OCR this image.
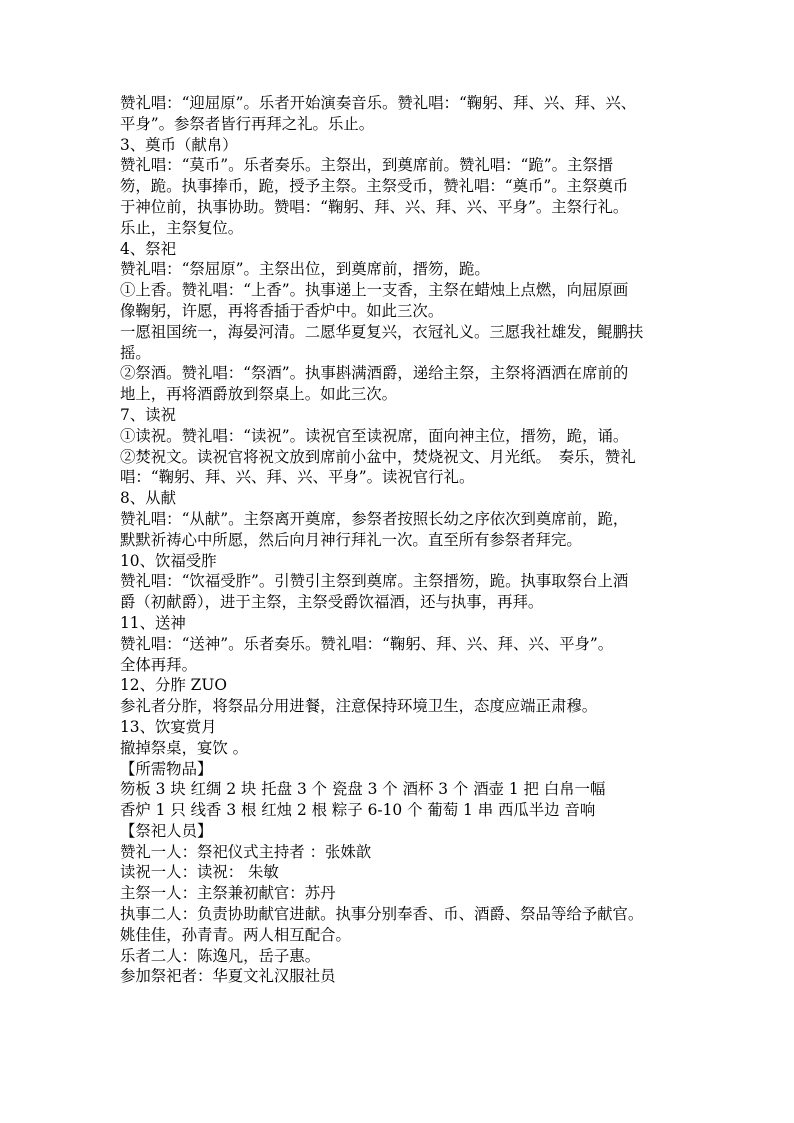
赞礼唱：“迎屈原”。乐者开始演奏音乐。赞礼唱：“鞠躬、拜、兴、拜、兴、
平身”。参祭者皆行再拜之礼。乐止。
3、奠币（献帛）
赞礼唱：“莫币”。乐者奏乐。主祭出，到奠席前。赞礼唱：“跪”。主祭搢
笏，跪。执事捧币，跪，授予主祭。主祭受币，赞礼唱：“奠币”。主祭奠币
于神位前，执事协助。赞唱：“鞠躬、拜、兴、拜、兴、平身”。主祭行礼。
乐止，主祭复位。
4、祭祀
赞礼唱：“祭屈原”。主祭出位，到奠席前，搢笏，跪。
①上香。赞礼唱：“上香”。执事递上一支香，主祭在蜡烛上点燃，向屈原画
像鞠躬，许愿，再将香插于香炉中。如此三次。
一愿祖国统一，海晏河清。二愿华夏复兴，衣冠礼义。三愿我社雄发，鲲鹏扶
摇。
②祭酒。赞礼唱：“祭酒”。执事斟满酒爵，递给主祭，主祭将酒洒在席前的
地上，再将酒爵放到祭桌上。如此三次。
7、读祝
①读祝。赞礼唱：“读祝”。读祝官至读祝席，面向神主位，搢笏，跪，诵。
②焚祝文。读祝官将祝文放到席前小盆中，焚烧祝文、月光纸。　奏乐，赞礼
唱：“鞠躬、拜、兴、拜、兴、平身”。读祝官行礼。
8、从献
赞礼唱：“从献”。主祭离开奠席，参祭者按照长幼之序依次到奠席前，跪，
默默祈祷心中所愿，然后向月神行拜礼一次。直至所有参祭者拜完。
10、饮福受胙
赞礼唱：“饮福受胙”。引赞引主祭到奠席。主祭搢笏，跪。执事取祭台上酒
爵（初献爵），进于主祭，主祭受爵饮福酒，还与执事，再拜。
11、送神
赞礼唱：“送神”。乐者奏乐。赞礼唱：“鞠躬、拜、兴、拜、兴、平身”。
全体再拜。
12、分胙 ZUO
参礼者分胙，将祭品分用进餐，注意保持环境卫生，态度应端正肃穆。
13、饮宴赏月
撤掉祭桌，宴饮 。
【所需物品】
笏板 3 块 红绸 2 块 托盘 3 个 瓷盘 3 个 酒杯 3 个 酒壶 1 把 白帛一幅
香炉 1 只 线香 3 根 红烛 2 根 粽子 6-10 个 葡萄 1 串 西瓜半边 音响
【祭祀人员】
赞礼一人：祭祀仪式主持者 ：张姝歆
读祝一人：读祝： 朱敏
主祭一人：主祭兼初献官：苏丹
执事二人：负责协助献官进献。执事分别奉香、币、酒爵、祭品等给予献官。
姚佳佳，孙青青。两人相互配合。
乐者二人：陈逸凡，岳子惠。
参加祭祀者：华夏文礼汉服社员
